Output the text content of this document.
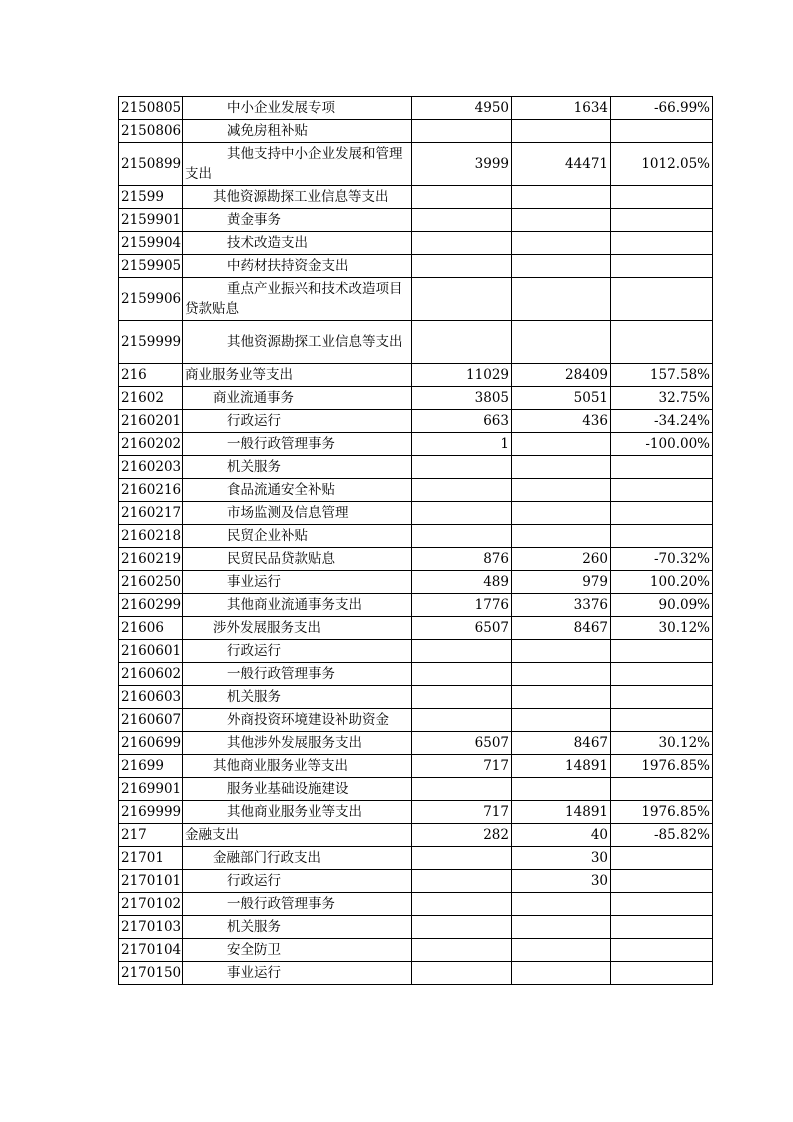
2150805	中小企业发展专项	4950	1634	-66.99%
2150806	减免房租补贴			
2150899	其他支持中小企业发展和管理支出	3999	44471	1012.05%
21599	其他资源勘探工业信息等支出			
2159901	黄金事务			
2159904	技术改造支出			
2159905	中药材扶持资金支出			
2159906	重点产业振兴和技术改造项目贷款贴息			
2159999	其他资源勘探工业信息等支出			
216	商业服务业等支出	11029	28409	157.58%
21602	商业流通事务	3805	5051	32.75%
2160201	行政运行	663	436	-34.24%
2160202	一般行政管理事务	1		-100.00%
2160203	机关服务			
2160216	食品流通安全补贴			
2160217	市场监测及信息管理			
2160218	民贸企业补贴			
2160219	民贸民品贷款贴息	876	260	-70.32%
2160250	事业运行	489	979	100.20%
2160299	其他商业流通事务支出	1776	3376	90.09%
21606	涉外发展服务支出	6507	8467	30.12%
2160601	行政运行			
2160602	一般行政管理事务			
2160603	机关服务			
2160607	外商投资环境建设补助资金			
2160699	其他涉外发展服务支出	6507	8467	30.12%
21699	其他商业服务业等支出	717	14891	1976.85%
2169901	服务业基础设施建设			
2169999	其他商业服务业等支出	717	14891	1976.85%
217	金融支出	282	40	-85.82%
21701	金融部门行政支出		30	
2170101	行政运行		30	
2170102	一般行政管理事务			
2170103	机关服务			
2170104	安全防卫			
2170150	事业运行			
